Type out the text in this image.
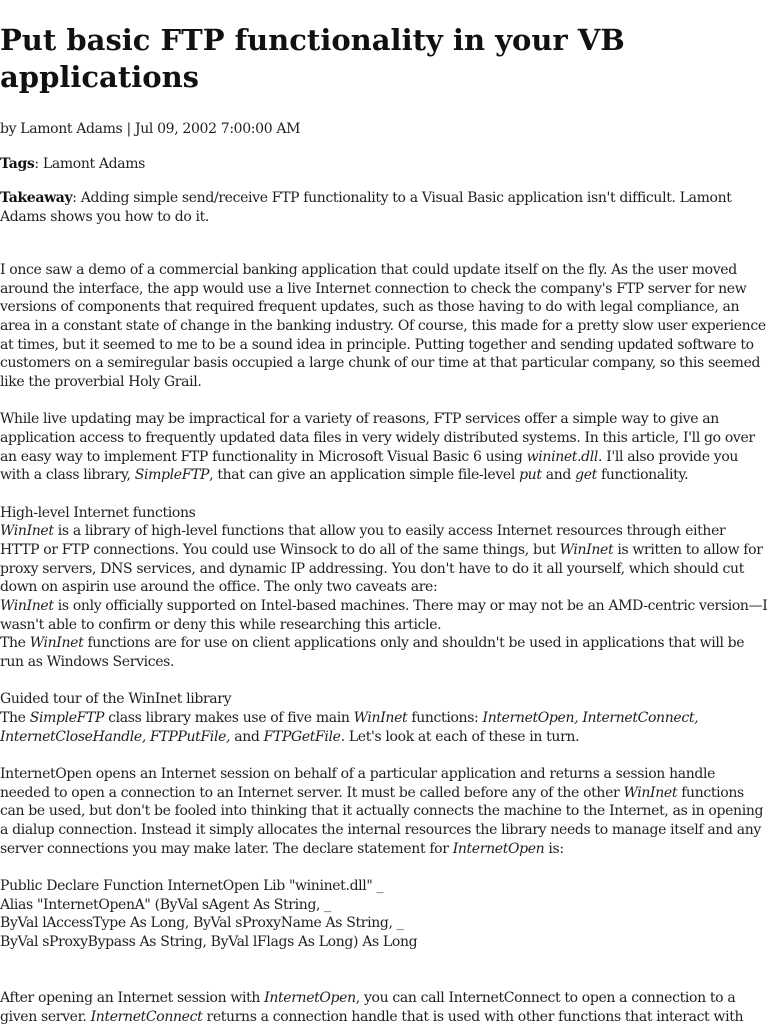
Put basic FTP functionality in your VB applications

by Lamont Adams | Jul 09, 2002 7:00:00 AM

Tags: Lamont Adams

Takeaway: Adding simple send/receive FTP functionality to a Visual Basic application isn't difficult. Lamont Adams shows you how to do it.

I once saw a demo of a commercial banking application that could update itself on the fly. As the user moved around the interface, the app would use a live Internet connection to check the company's FTP server for new versions of components that required frequent updates, such as those having to do with legal compliance, an area in a constant state of change in the banking industry. Of course, this made for a pretty slow user experience at times, but it seemed to me to be a sound idea in principle. Putting together and sending updated software to customers on a semiregular basis occupied a large chunk of our time at that particular company, so this seemed like the proverbial Holy Grail.

While live updating may be impractical for a variety of reasons, FTP services offer a simple way to give an application access to frequently updated data files in very widely distributed systems. In this article, I'll go over an easy way to implement FTP functionality in Microsoft Visual Basic 6 using wininet.dll. I'll also provide you with a class library, SimpleFTP, that can give an application simple file-level put and get functionality.

High-level Internet functions

WinInet is a library of high-level functions that allow you to easily access Internet resources through either HTTP or FTP connections. You could use Winsock to do all of the same things, but WinInet is written to allow for proxy servers, DNS services, and dynamic IP addressing. You don't have to do it all yourself, which should cut down on aspirin use around the office. The only two caveats are:

WinInet is only officially supported on Intel-based machines. There may or may not be an AMD-centric version—I wasn't able to confirm or deny this while researching this article.

The WinInet functions are for use on client applications only and shouldn't be used in applications that will be run as Windows Services.

Guided tour of the WinInet library

The SimpleFTP class library makes use of five main WinInet functions: InternetOpen, InternetConnect, InternetCloseHandle, FTPPutFile, and FTPGetFile. Let's look at each of these in turn.

InternetOpen opens an Internet session on behalf of a particular application and returns a session handle needed to open a connection to an Internet server. It must be called before any of the other WinInet functions can be used, but don't be fooled into thinking that it actually connects the machine to the Internet, as in opening a dialup connection. Instead it simply allocates the internal resources the library needs to manage itself and any server connections you may make later. The declare statement for InternetOpen is:

Public Declare Function InternetOpen Lib "wininet.dll" _
Alias "InternetOpenA" (ByVal sAgent As String, _
ByVal lAccessType As Long, ByVal sProxyName As String, _
ByVal sProxyBypass As String, ByVal lFlags As Long) As Long

After opening an Internet session with InternetOpen, you can call InternetConnect to open a connection to a given server. InternetConnect returns a connection handle that is used with other functions that interact with
